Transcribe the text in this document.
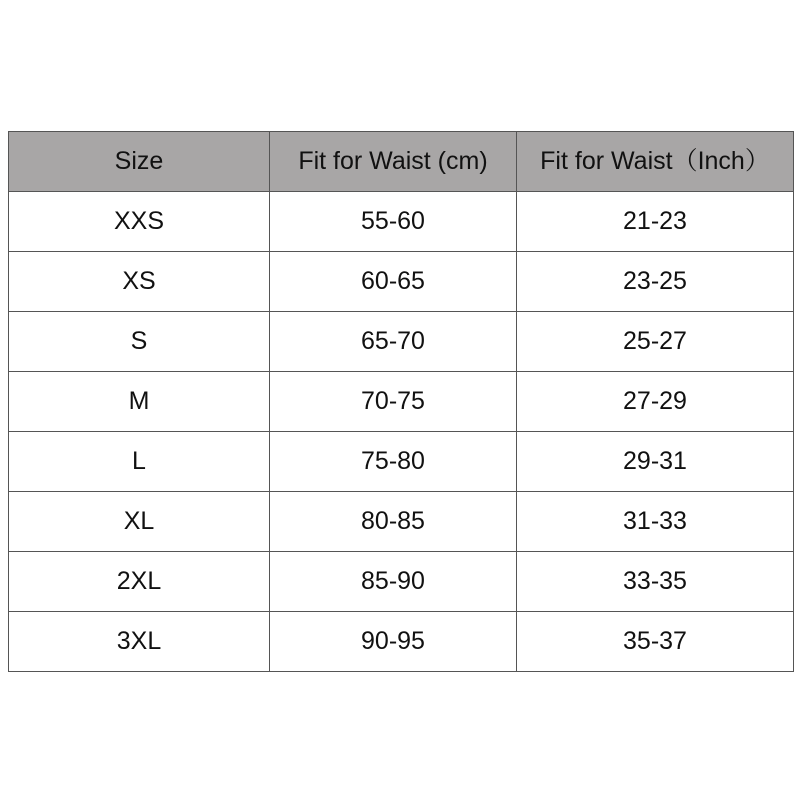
Size	Fit for Waist (cm)	Fit for Waist（Inch）
XXS	55-60	21-23
XS	60-65	23-25
S	65-70	25-27
M	70-75	27-29
L	75-80	29-31
XL	80-85	31-33
2XL	85-90	33-35
3XL	90-95	35-37
